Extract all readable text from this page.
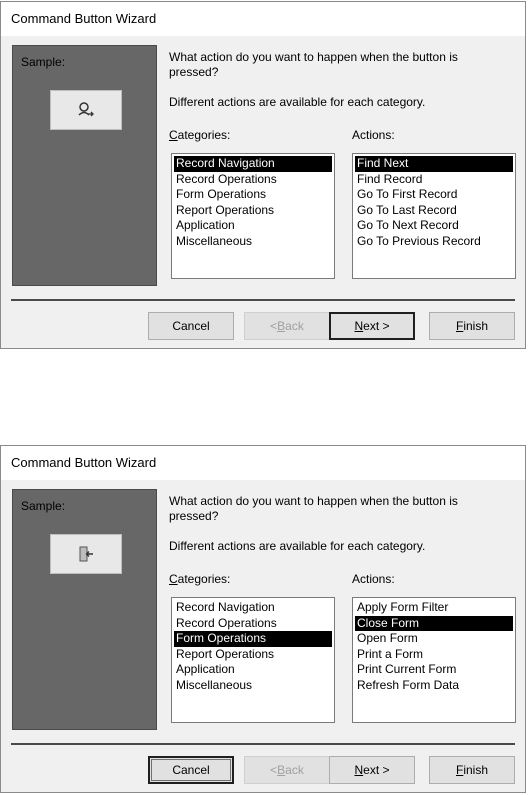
Command Button Wizard
Sample:	What action do you want to happen when the button is pressed?
Different actions are available for each category.
Categories:	Actions:
Record Navigation
Record Operations
Form Operations
Report Operations
Application
Miscellaneous
Find Next
Find Record
Go To First Record
Go To Last Record
Go To Next Record
Go To Previous Record
Cancel	< B ack	N ext >	F inish
Command Button Wizard
Sample:	What action do you want to happen when the button is pressed?
Different actions are available for each category.
Categories:	Actions:
Record Navigation
Record Operations
Form Operations
Report Operations
Application
Miscellaneous
Apply Form Filter
Close Form
Open Form
Print a Form
Print Current Form
Refresh Form Data
Cancel	< B ack	N ext >	F inish
